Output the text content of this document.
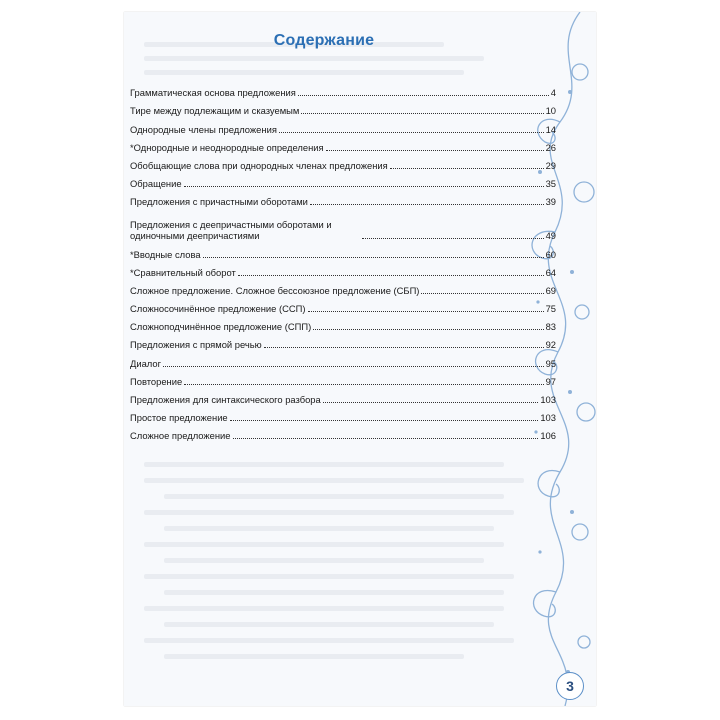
Содержание
Грамматическая основа предложения	4
Тире между подлежащим и сказуемым	10
Однородные члены предложения	14
*Однородные и неоднородные определения	26
Обобщающие слова при однородных членах предложения	29
Обращение	35
Предложения с причастными оборотами	39
Предложения с деепричастными оборотами и одиночными деепричастиями	49
*Вводные слова	60
*Сравнительный оборот	64
Сложное предложение. Сложное бессоюзное предложение (СБП)	69
Сложносочинённое предложение (ССП)	75
Сложноподчинённое предложение (СПП)	83
Предложения с прямой речью	92
Диалог	95
Повторение	97
Предложения для синтаксического разбора	103
Простое предложение	103
Сложное предложение	106
3
